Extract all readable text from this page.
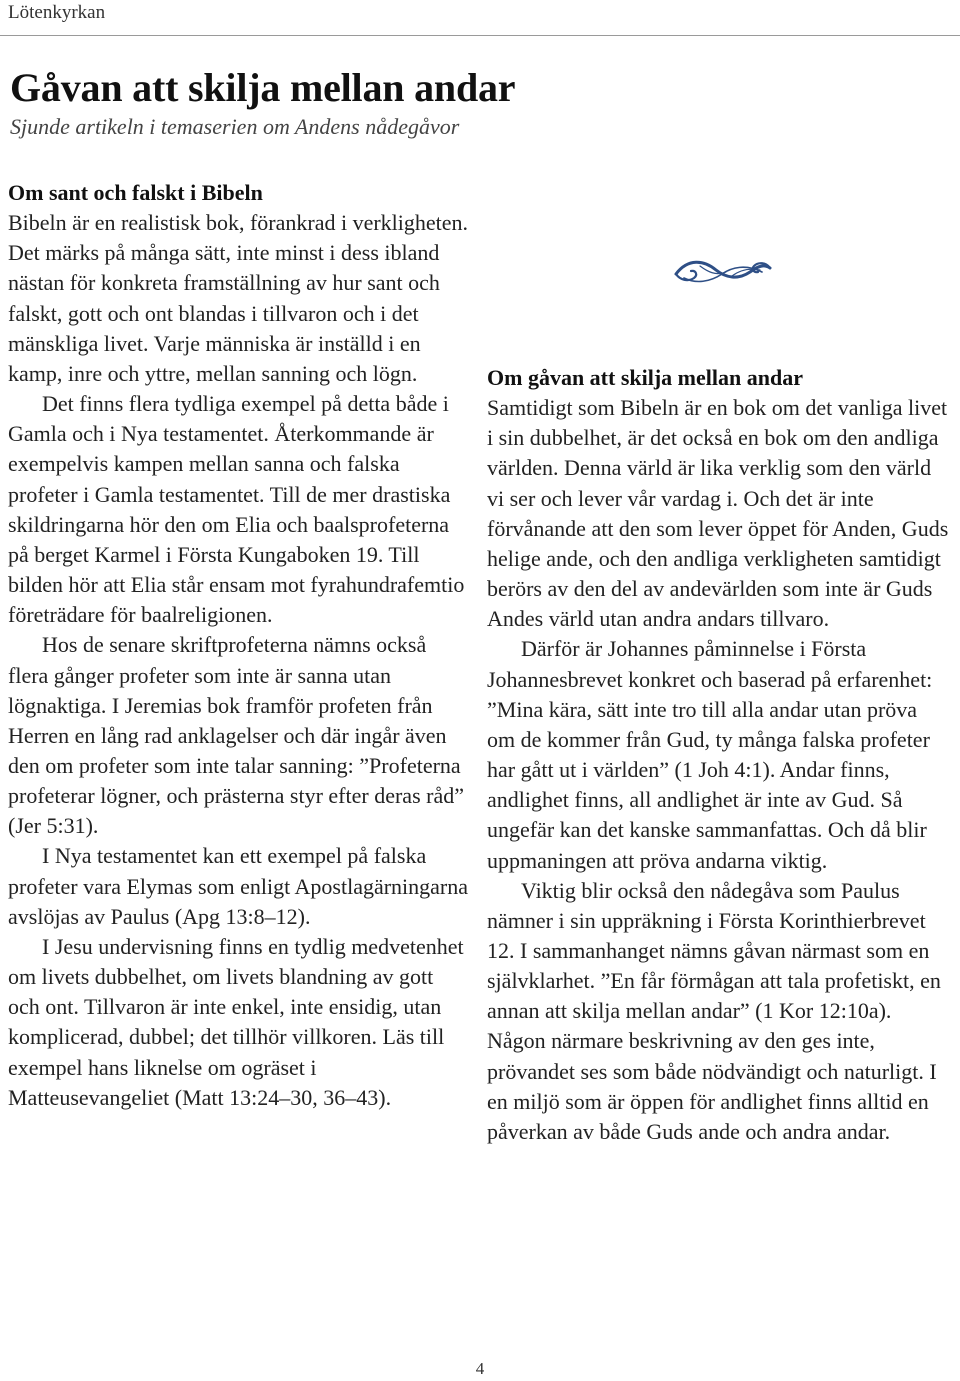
Lötenkyrkan
Gåvan att skilja mellan andar
Sjunde artikeln i temaserien om Andens nådegåvor
Om sant och falskt i Bibeln

Bibeln är en realistisk bok, förankrad i verkligheten. Det märks på många sätt, inte minst i dess ibland nästan för konkreta framställning av hur sant och falskt, gott och ont blandas i tillvaron och i det mänskliga livet. Varje människa är inställd i en kamp, inre och yttre, mellan sanning och lögn.

Det finns flera tydliga exempel på detta både i Gamla och i Nya testamentet. Återkommande är exempelvis kampen mellan sanna och falska profeter i Gamla testamentet. Till de mer drastiska skildringarna hör den om Elia och baalsprofeterna på berget Karmel i Första Kungaboken 19. Till bilden hör att Elia står ensam mot fyrahundrafemtio företrädare för baalreligionen.

Hos de senare skriftprofeterna nämns också flera gånger profeter som inte är sanna utan lögnaktiga. I Jeremias bok framför profeten från Herren en lång rad anklagelser och där ingår även den om profeter som inte talar sanning: ”Profeterna profeterar lögner, och prästerna styr efter deras råd” (Jer 5:31).

I Nya testamentet kan ett exempel på falska profeter vara Elymas som enligt Apostlagärningarna avslöjas av Paulus (Apg 13:8–12).

I Jesu undervisning finns en tydlig medvetenhet om livets dubbelhet, om livets blandning av gott och ont. Tillvaron är inte enkel, inte ensidig, utan komplicerad, dubbel; det tillhör villkoren. Läs till exempel hans liknelse om ogräset i Matteusevangeliet (Matt 13:24–30, 36–43).

Om gåvan att skilja mellan andar

Samtidigt som Bibeln är en bok om det vanliga livet i sin dubbelhet, är det också en bok om den andliga världen. Denna värld är lika verklig som den värld vi ser och lever vår vardag i. Och det är inte förvånande att den som lever öppet för Anden, Guds helige ande, och den andliga verkligheten samtidigt berörs av den del av andevärlden som inte är Guds Andes värld utan andra andars tillvaro.

Därför är Johannes påminnelse i Första Johannesbrevet konkret och baserad på erfarenhet: ”Mina kära, sätt inte tro till alla andar utan pröva om de kommer från Gud, ty många falska profeter har gått ut i världen” (1 Joh 4:1). Andar finns, andlighet finns, all andlighet är inte av Gud. Så ungefär kan det kanske sammanfattas. Och då blir uppmaningen att pröva andarna viktig.

Viktig blir också den nådegåva som Paulus nämner i sin uppräkning i Första Korinthierbrevet 12. I sammanhanget nämns gåvan närmast som en självklarhet. ”En får förmågan att tala profetiskt, en annan att skilja mellan andar” (1 Kor 12:10a). Någon närmare beskrivning av den ges inte, prövandet ses som både nödvändigt och naturligt. I en miljö som är öppen för andlighet finns alltid en påverkan av både Guds ande och andra andar.

4
